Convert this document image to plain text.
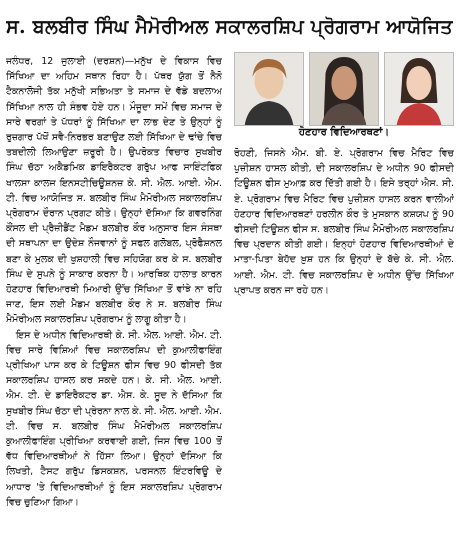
ਸ. ਬਲਬੀਰ ਸਿੰਘ ਮੈਮੋਰੀਅਲ ਸਕਾਲਰਸ਼ਿਪ ਪ੍ਰੋਗਰਾਮ ਆਯੋਜਿਤ

ਜਲੰਧਰ, 12 ਜੁਲਾਈ (ਦਰਸ਼ਨ)—ਮਨੁੱਖ ਦੇ ਵਿਕਾਸ ਵਿਚ ਸਿੱਖਿਆ ਦਾ ਅਹਿਮ ਸਥਾਨ ਰਿਹਾ ਹੈ। ਪੱਥਰ ਯੁੱਗ ਤੋਂ ਨੈਨੋ ਟੈਕਨਾਲੋਜੀ ਤੱਕ ਮਨੁੱਖੀ ਸਭਿਅਤਾ ਤੇ ਸਮਾਜ ਦੇ ਵੱਡੇ ਬਦਲਾਅ ਸਿੱਖਿਆ ਨਾਲ ਹੀ ਸੰਭਵ ਹੋਏ ਹਨ। ਮੌਜੂਦਾ ਸਮੇਂ ਵਿਚ ਸਮਾਜ ਦੇ ਸਾਰੇ ਵਰਗਾਂ ਤੇ ਪੱਧਰਾਂ ਨੂੰ ਸਿੱਖਿਆ ਦਾ ਲਾਭ ਦੇਣ ਤੇ ਉਨ੍ਹਾਂ ਨੂੰ ਰੁਜ਼ਗਾਰ ਪੱਖੋਂ ਸਵੈ-ਨਿਰਭਰ ਬਣਾਉਣ ਲਈ ਸਿੱਖਿਆ ਦੇ ਢਾਂਚੇ ਵਿਚ ਤਬਦੀਲੀ ਲਿਆਉਣਾ ਜ਼ਰੂਰੀ ਹੈ। ਉਪਰੋਕਤ ਵਿਚਾਰ ਸੁਖਬੀਰ ਸਿੰਘ ਚੱਠਾ ਅਕੈਡਮਿਕ ਡਾਇਰੈਕਟਰ ਗਰੁੱਪ ਆਫ ਸਾਇੰਟਫਿਕ ਖਾਲਸਾ ਕਾਲਜ ਇਨਸਟੀਚਿਊਸ਼ਨਜ਼ ਕੇ. ਸੀ. ਐਲ. ਆਈ. ਐਮ. ਟੀ. ਵਿਚ ਆਯੋਜਿਤ ਸ. ਬਲਬੀਰ ਸਿੰਘ ਮੈਮੋਰੀਅਲ ਸਕਾਲਰਸ਼ਿਪ ਪ੍ਰੋਗਰਾਮ ਦੌਰਾਨ ਪ੍ਰਗਟ ਕੀਤੇ। ਉਨ੍ਹਾਂ ਦੱਸਿਆ ਕਿ ਗਵਰਨਿੰਗ ਕੌਂਸਲ ਦੀ ਪ੍ਰੈਜ਼ੀਡੈਂਟ ਮੈਡਮ ਬਲਬੀਰ ਕੌਰ ਅਨੁਸਾਰ ਇਸ ਸੰਸਥਾ ਦੀ ਸਥਾਪਨਾ ਦਾ ਉਦੇਸ਼ ਨੌਜਵਾਨਾਂ ਨੂੰ ਸਫਲ ਗਲੋਬਲ, ਪ੍ਰੋਫੈਸ਼ਨਲ ਬਣਾ ਕੇ ਮੁਲਕ ਦੀ ਖੁਸ਼ਹਾਲੀ ਵਿਚ ਸਹਿਯੋਗ ਕਰ ਕੇ ਸ. ਬਲਬੀਰ ਸਿੰਘ ਦੇ ਸੁਪਨੇ ਨੂੰ ਸਾਕਾਰ ਕਰਨਾ ਹੈ। ਆਰਥਿਕ ਹਾਲਾਤ ਕਾਰਨ ਹੋਣਹਾਰ ਵਿਦਿਆਰਥੀ ਮਿਆਰੀ ਉੱਚ ਸਿੱਖਿਆ ਤੋਂ ਵਾਂਝੇ ਨਾ ਰਹਿ ਜਾਣ, ਇਸ ਲਈ ਮੈਡਮ ਬਲਬੀਰ ਕੌਰ ਨੇ ਸ. ਬਲਬੀਰ ਸਿੰਘ ਮੈਮੋਰੀਅਲ ਸਕਾਲਰਸ਼ਿਪ ਪ੍ਰੋਗਰਾਮ ਨੂੰ ਲਾਗੂ ਕੀਤਾ ਹੈ।

ਇਸ ਦੇ ਅਧੀਨ ਵਿਦਿਆਰਥੀ ਕੇ. ਸੀ. ਐਲ. ਆਈ. ਐਮ. ਟੀ. ਵਿਚ ਸਾਰੇ ਵਿਸ਼ਿਆਂ ਵਿਚ ਸਕਾਲਰਸ਼ਿਪ ਦੀ ਕੁਆਲੀਫਾਇੰਗ ਪ੍ਰੀਖਿਆ ਪਾਸ ਕਰ ਕੇ ਟਿਊਸ਼ਨ ਫੀਸ ਵਿਚ 90 ਫੀਸਦੀ ਤੱਕ ਸਕਾਲਰਸ਼ਿਪ ਹਾਸਲ ਕਰ ਸਕਦੇ ਹਨ। ਕੇ. ਸੀ. ਐਲ. ਆਈ. ਐਮ. ਟੀ. ਦੇ ਡਾਇਰੈਕਟਰ ਡਾ. ਐਸ. ਕੇ. ਸੂਦ ਨੇ ਦੱਸਿਆ ਕਿ ਸੁਖਬੀਰ ਸਿੰਘ ਚੱਠਾ ਦੀ ਪ੍ਰੇਰਨਾ ਨਾਲ ਕੇ. ਸੀ. ਐਲ. ਆਈ. ਐਮ. ਟੀ. ਵਿਚ ਸ. ਬਲਬੀਰ ਸਿੰਘ ਮੈਮੋਰੀਅਲ ਸਕਾਲਰਸ਼ਿਪ ਕੁਆਲੀਫਾਇੰਗ ਪ੍ਰੀਖਿਆ ਕਰਵਾਈ ਗਈ, ਜਿਸ ਵਿਚ 100 ਤੋਂ ਵੱਧ ਵਿਦਿਆਰਥੀਆਂ ਨੇ ਹਿੱਸਾ ਲਿਆ। ਉਨ੍ਹਾਂ ਦੱਸਿਆ ਕਿ ਲਿਖਤੀ, ਟੈਸਟ ਗਰੁੱਪ ਡਿਸਕਸ਼ਨ, ਪਰਸਨਲ ਇੰਟਰਵਿਊ ਦੇ ਆਧਾਰ 'ਤੇ ਵਿਦਿਆਰਥੀਆਂ ਨੂੰ ਇਸ ਸਕਾਲਰਸ਼ਿਪ ਪ੍ਰੋਗਰਾਮ ਵਿਚ ਚੁਣਿਆ ਗਿਆ।

ਹੋਣਹਾਰ ਵਿਦਿਆਰਥਣਾਂ।

ਰੋਹਣੀ, ਜਿਸਨੇ ਐਮ. ਬੀ. ਏ. ਪ੍ਰੋਗਰਾਮ ਵਿਚ ਮੈਰਿਟ ਵਿਚ ਪੁਜ਼ੀਸ਼ਨ ਹਾਸਲ ਕੀਤੀ, ਦੀ ਸਕਾਲਰਸ਼ਿਪ ਦੇ ਅਧੀਨ 90 ਫੀਸਦੀ ਟਿਊਸ਼ਨ ਫੀਸ ਮੁਆਫ਼ ਕਰ ਦਿੱਤੀ ਗਈ ਹੈ। ਇਸੇ ਤਰ੍ਹਾਂ ਐਸ. ਸੀ. ਏ. ਪ੍ਰੋਗਰਾਮ ਵਿਚ ਮੈਰਿਟ ਵਿਚ ਪੁਜ਼ੀਸ਼ਨ ਹਾਸਲ ਕਰਨ ਵਾਲੀਆਂ ਹੋਣਹਾਰ ਵਿਦਿਆਰਥਣਾਂ ਹਰਲੀਨ ਕੌਰ ਤੇ ਮੁਸਕਾਨ ਕਸ਼ਯਪ ਨੂੰ 90 ਫੀਸਦੀ ਟਿਊਸ਼ਨ ਫੀਸ ਸ. ਬਲਬੀਰ ਸਿੰਘ ਮੈਮੋਰੀਅਲ ਸਕਾਲਰਸ਼ਿਪ ਵਿਚ ਪ੍ਰਦਾਨ ਕੀਤੀ ਗਈ। ਇਨ੍ਹਾਂ ਹੋਣਹਾਰ ਵਿਦਿਆਰਥੀਆਂ ਦੇ ਮਾਤਾ-ਪਿਤਾ ਬੇਹੱਦ ਖ਼ੁਸ਼ ਹਨ ਕਿ ਉਨ੍ਹਾਂ ਦੇ ਬੱਚੇ ਕੇ. ਸੀ. ਐਲ. ਆਈ. ਐਮ. ਟੀ. ਵਿਚ ਸਕਾਲਰਸ਼ਿਪ ਦੇ ਅਧੀਨ ਉੱਚ ਸਿੱਖਿਆ ਪ੍ਰਾਪਤ ਕਰਨ ਜਾ ਰਹੇ ਹਨ।
